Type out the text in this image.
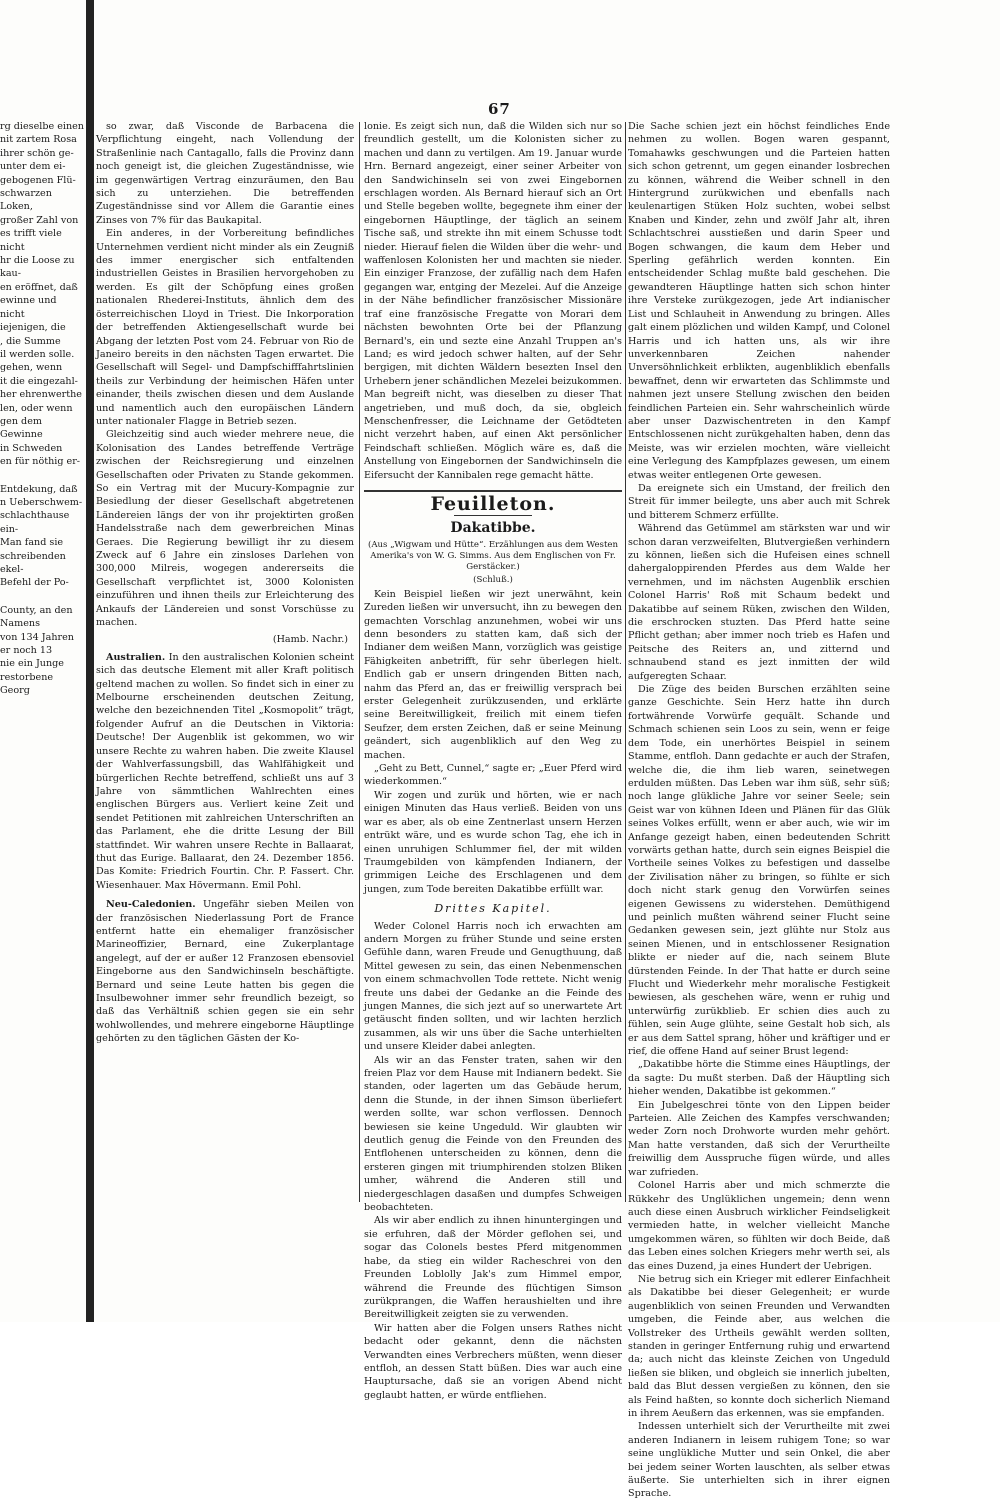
67
rg dieselbe einen
nit zartem Rosa
ihrer schön ge-
unter dem ei-
gebogenen Flü-
schwarzen Loken,
großer Zahl von
es trifft viele nicht
hr die Loose zu kau-
en eröffnet, daß
ewinne und nicht
iejenigen, die
, die Summe
il werden solle.
gehen, wenn
it die eingezahl-
her ehrenwerthe
len, oder wenn
gen dem Gewinne
in Schweden
en für nöthig er-
Entdekung, daß
n Ueberschwem-
schlachthause ein-
Man fand sie
schreibenden ekel-
Befehl der Po-
County, an den
Namens
von 134 Jahren
er noch 13
nie ein Junge
restorbene Georg

so zwar, daß Visconde de Barbacena die Verpflichtung eingeht, nach Vollendung der Straßenlinie nach Cantagallo, falls die Provinz dann noch geneigt ist, die gleichen Zugeständnisse, wie im gegenwärtigen Vertrag einzuräumen, den Bau sich zu unterziehen. Die betreffenden Zugeständnisse sind vor Allem die Garantie eines Zinses von 7% für das Baukapital.

Ein anderes, in der Vorbereitung befindliches Unternehmen verdient nicht minder als ein Zeugniß des immer energischer sich entfaltenden industriellen Geistes in Brasilien hervorgehoben zu werden. Es gilt der Schöpfung eines großen nationalen Rhederei-Instituts, ähnlich dem des österreichischen Lloyd in Triest. Die Inkorporation der betreffenden Aktiengesellschaft wurde bei Abgang der letzten Post vom 24. Februar von Rio de Janeiro bereits in den nächsten Tagen erwartet. Die Gesellschaft will Segel- und Dampfschifffahrtslinien theils zur Verbindung der heimischen Häfen unter einander, theils zwischen diesen und dem Auslande und namentlich auch den europäischen Ländern unter nationaler Flagge in Betrieb sezen.

Gleichzeitig sind auch wieder mehrere neue, die Kolonisation des Landes betreffende Verträge zwischen der Reichsregierung und einzelnen Gesellschaften oder Privaten zu Stande gekommen. So ein Vertrag mit der Mucury-Kompagnie zur Besiedlung der dieser Gesellschaft abgetretenen Ländereien längs der von ihr projektirten großen Handelsstraße nach dem gewerbreichen Minas Geraes. Die Regierung bewilligt ihr zu diesem Zweck auf 6 Jahre ein zinsloses Darlehen von 300,000 Milreis, wogegen andererseits die Gesellschaft verpflichtet ist, 3000 Kolonisten einzuführen und ihnen theils zur Erleichterung des Ankaufs der Ländereien und sonst Vorschüsse zu machen.

(Hamb. Nachr.)

Australien. In den australischen Kolonien scheint sich das deutsche Element mit aller Kraft politisch geltend machen zu wollen. So findet sich in einer zu Melbourne erscheinenden deutschen Zeitung, welche den bezeichnenden Titel „Kosmopolit“ trägt, folgender Aufruf an die Deutschen in Viktoria: Deutsche! Der Augenblik ist gekommen, wo wir unsere Rechte zu wahren haben. Die zweite Klausel der Wahlverfassungsbill, das Wahlfähigkeit und bürgerlichen Rechte betreffend, schließt uns auf 3 Jahre von sämmtlichen Wahlrechten eines englischen Bürgers aus. Verliert keine Zeit und sendet Petitionen mit zahlreichen Unterschriften an das Parlament, ehe die dritte Lesung der Bill stattfindet. Wir wahren unsere Rechte in Ballaarat, thut das Eurige. Ballaarat, den 24. Dezember 1856. Das Komite: Friedrich Fourtin. Chr. P. Fassert. Chr. Wiesenhauer. Max Hövermann. Emil Pohl.

Neu-Caledonien. Ungefähr sieben Meilen von der französischen Niederlassung Port de France entfernt hatte ein ehemaliger französischer Marineoffizier, Bernard, eine Zukerplantage angelegt, auf der er außer 12 Franzosen ebensoviel Eingeborne aus den Sandwichinseln beschäftigte. Bernard und seine Leute hatten bis gegen die Insulbewohner immer sehr freundlich bezeigt, so daß das Verhältniß schien gegen sie ein sehr wohlwollendes, und mehrere eingeborne Häuptlinge gehörten zu den täglichen Gästen der Ko-

lonie. Es zeigt sich nun, daß die Wilden sich nur so freundlich gestellt, um die Kolonisten sicher zu machen und dann zu vertilgen. Am 19. Januar wurde Hrn. Bernard angezeigt, einer seiner Arbeiter von den Sandwichinseln sei von zwei Eingebornen erschlagen worden. Als Bernard hierauf sich an Ort und Stelle begeben wollte, begegnete ihm einer der eingebornen Häuptlinge, der täglich an seinem Tische saß, und strekte ihn mit einem Schusse todt nieder. Hierauf fielen die Wilden über die wehr- und waffenlosen Kolonisten her und machten sie nieder. Ein einziger Franzose, der zufällig nach dem Hafen gegangen war, entging der Mezelei. Auf die Anzeige in der Nähe befindlicher französischer Missionäre traf eine französische Fregatte von Morari dem nächsten bewohnten Orte bei der Pflanzung Bernard's, ein und sezte eine Anzahl Truppen an's Land; es wird jedoch schwer halten, auf der Sehr bergigen, mit dichten Wäldern besezten Insel den Urhebern jener schändlichen Mezelei beizukommen. Man begreift nicht, was dieselben zu dieser That angetrieben, und muß doch, da sie, obgleich Menschenfresser, die Leichname der Getödteten nicht verzehrt haben, auf einen Akt persönlicher Feindschaft schließen. Möglich wäre es, daß die Anstellung von Eingebornen der Sandwichinseln die Eifersucht der Kannibalen rege gemacht hätte.

Feuilleton.
Dakatibbe.
(Aus „Wigwam und Hütte“. Erzählungen aus dem Westen Amerika's von W. G. Simms. Aus dem Englischen von Fr. Gerstäcker.)
(Schluß.)

Kein Beispiel ließen wir jezt unerwähnt, kein Zureden ließen wir unversucht, ihn zu bewegen den gemachten Vorschlag anzunehmen, wobei wir uns denn besonders zu statten kam, daß sich der Indianer dem weißen Mann, vorzüglich was geistige Fähigkeiten anbetrifft, für sehr überlegen hielt. Endlich gab er unsern dringenden Bitten nach, nahm das Pferd an, das er freiwillig versprach bei erster Gelegenheit zurükzusenden, und erklärte seine Bereitwilligkeit, freilich mit einem tiefen Seufzer, dem ersten Zeichen, daß er seine Meinung geändert, sich augenbliklich auf den Weg zu machen.

„Geht zu Bett, Cunnel,“ sagte er; „Euer Pferd wird wiederkommen.“

Wir zogen und zurük und hörten, wie er nach einigen Minuten das Haus verließ. Beiden von uns war es aber, als ob eine Zentnerlast unsern Herzen entrükt wäre, und es wurde schon Tag, ehe ich in einen unruhigen Schlummer fiel, der mit wilden Traumgebilden von kämpfenden Indianern, der grimmigen Leiche des Erschlagenen und dem jungen, zum Tode bereiten Dakatibbe erfüllt war.

Drittes Kapitel.

Weder Colonel Harris noch ich erwachten am andern Morgen zu früher Stunde und seine ersten Gefühle dann, waren Freude und Genugthuung, daß Mittel gewesen zu sein, das einen Nebenmenschen von einem schmachvollen Tode rettete. Nicht wenig freute uns dabei der Gedanke an die Feinde des jungen Mannes, die sich jezt auf so unerwartete Art getäuscht finden sollten, und wir lachten herzlich zusammen, als wir uns über die Sache unterhielten und unsere Kleider dabei anlegten.

Als wir an das Fenster traten, sahen wir den freien Plaz vor dem Hause mit Indianern bedekt. Sie standen, oder lagerten um das Gebäude herum, denn die Stunde, in der ihnen Simson überliefert werden sollte, war schon verflossen. Dennoch bewiesen sie keine Ungeduld. Wir glaubten wir deutlich genug die Feinde von den Freunden des Entflohenen unterscheiden zu können, denn die ersteren gingen mit triumphirenden stolzen Bliken umher, während die Anderen still und niedergeschlagen dasaßen und dumpfes Schweigen beobachteten.

Als wir aber endlich zu ihnen hinuntergingen und sie erfuhren, daß der Mörder geflohen sei, und sogar das Colonels bestes Pferd mitgenommen habe, da stieg ein wilder Racheschrei von den Freunden Loblolly Jak's zum Himmel empor, während die Freunde des flüchtigen Simson zurükprangen, die Waffen heraushielten und ihre Bereitwilligkeit zeigten sie zu verwenden.

Wir hatten aber die Folgen unsers Rathes nicht bedacht oder gekannt, denn die nächsten Verwandten eines Verbrechers müßten, wenn dieser entfloh, an dessen Statt büßen. Dies war auch eine Hauptursache, daß sie an vorigen Abend nicht geglaubt hatten, er würde entfliehen.

Die Sache schien jezt ein höchst feindliches Ende nehmen zu wollen. Bogen waren gespannt, Tomahawks geschwungen und die Parteien hatten sich schon getrennt, um gegen einander losbrechen zu können, während die Weiber schnell in den Hintergrund zurükwichen und ebenfalls nach keulenartigen Stüken Holz suchten, wobei selbst Knaben und Kinder, zehn und zwölf Jahr alt, ihren Schlachtschrei ausstießen und darin Speer und Bogen schwangen, die kaum dem Heber und Sperling gefährlich werden konnten. Ein entscheidender Schlag mußte bald geschehen. Die gewandteren Häuptlinge hatten sich schon hinter ihre Versteke zurükgezogen, jede Art indianischer List und Schlauheit in Anwendung zu bringen. Alles galt einem plözlichen und wilden Kampf, und Colonel Harris und ich hatten uns, als wir ihre unverkennbaren Zeichen nahender Unversöhnlichkeit erblikten, augenbliklich ebenfalls bewaffnet, denn wir erwarteten das Schlimmste und nahmen jezt unsere Stellung zwischen den beiden feindlichen Parteien ein. Sehr wahrscheinlich würde aber unser Dazwischentreten in den Kampf Entschlossenen nicht zurükgehalten haben, denn das Meiste, was wir erzielen mochten, wäre vielleicht eine Verlegung des Kampfplazes gewesen, um einem etwas weiter entlegenen Orte gewesen.

Da ereignete sich ein Umstand, der freilich den Streit für immer beilegte, uns aber auch mit Schrek und bitterem Schmerz erfüllte.

Während das Getümmel am stärksten war und wir schon daran verzweifelten, Blutvergießen verhindern zu können, ließen sich die Hufeisen eines schnell dahergaloppirenden Pferdes aus dem Walde her vernehmen, und im nächsten Augenblik erschien Colonel Harris' Roß mit Schaum bedekt und Dakatibbe auf seinem Rüken, zwischen den Wilden, die erschrocken stuzten. Das Pferd hatte seine Pflicht gethan; aber immer noch trieb es Hafen und Peitsche des Reiters an, und zitternd und schnaubend stand es jezt inmitten der wild aufgeregten Schaar.

Die Züge des beiden Burschen erzählten seine ganze Geschichte. Sein Herz hatte ihn durch fortwährende Vorwürfe gequält. Schande und Schmach schienen sein Loos zu sein, wenn er feige dem Tode, ein unerhörtes Beispiel in seinem Stamme, entfloh. Dann gedachte er auch der Strafen, welche die, die ihm lieb waren, seinetwegen erdulden müßten. Das Leben war ihm süß, sehr süß; noch lange glükliche Jahre vor seiner Seele; sein Geist war von kühnen Ideen und Plänen für das Glük seines Volkes erfüllt, wenn er aber auch, wie wir im Anfange gezeigt haben, einen bedeutenden Schritt vorwärts gethan hatte, durch sein eignes Beispiel die Vortheile seines Volkes zu befestigen und dasselbe der Zivilisation näher zu bringen, so fühlte er sich doch nicht stark genug den Vorwürfen seines eigenen Gewissens zu widerstehen. Demüthigend und peinlich mußten während seiner Flucht seine Gedanken gewesen sein, jezt glühte nur Stolz aus seinen Mienen, und in entschlossener Resignation blikte er nieder auf die, nach seinem Blute dürstenden Feinde. In der That hatte er durch seine Flucht und Wiederkehr mehr moralische Festigkeit bewiesen, als geschehen wäre, wenn er ruhig und unterwürfig zurükblieb. Er schien dies auch zu fühlen, sein Auge glühte, seine Gestalt hob sich, als er aus dem Sattel sprang, höher und kräftiger und er rief, die offene Hand auf seiner Brust legend:

„Dakatibbe hörte die Stimme eines Häuptlings, der da sagte: Du mußt sterben. Daß der Häuptling sich hieher wenden, Dakatibbe ist gekommen.“

Ein Jubelgeschrei tönte von den Lippen beider Parteien. Alle Zeichen des Kampfes verschwanden; weder Zorn noch Drohworte wurden mehr gehört. Man hatte verstanden, daß sich der Verurtheilte freiwillig dem Ausspruche fügen würde, und alles war zufrieden.

Colonel Harris aber und mich schmerzte die Rükkehr des Unglüklichen ungemein; denn wenn auch diese einen Ausbruch wirklicher Feindseligkeit vermieden hatte, in welcher vielleicht Manche umgekommen wären, so fühlten wir doch Beide, daß das Leben eines solchen Kriegers mehr werth sei, als das eines Duzend, ja eines Hundert der Uebrigen.

Nie betrug sich ein Krieger mit edlerer Einfachheit als Dakatibbe bei dieser Gelegenheit; er wurde augenbliklich von seinen Freunden und Verwandten umgeben, die Feinde aber, aus welchen die Vollstreker des Urtheils gewählt werden sollten, standen in geringer Entfernung ruhig und erwartend da; auch nicht das kleinste Zeichen von Ungeduld ließen sie bliken, und obgleich sie innerlich jubelten, bald das Blut dessen vergießen zu können, den sie als Feind haßten, so konnte doch sicherlich Niemand in ihrem Aeußern das erkennen, was sie empfanden.

Indessen unterhielt sich der Verurtheilte mit zwei anderen Indianern in leisem ruhigem Tone; so war seine unglükliche Mutter und sein Onkel, die aber bei jedem seiner Worten lauschten, als selber etwas äußerte. Sie unterhielten sich in ihrer eignen Sprache.
